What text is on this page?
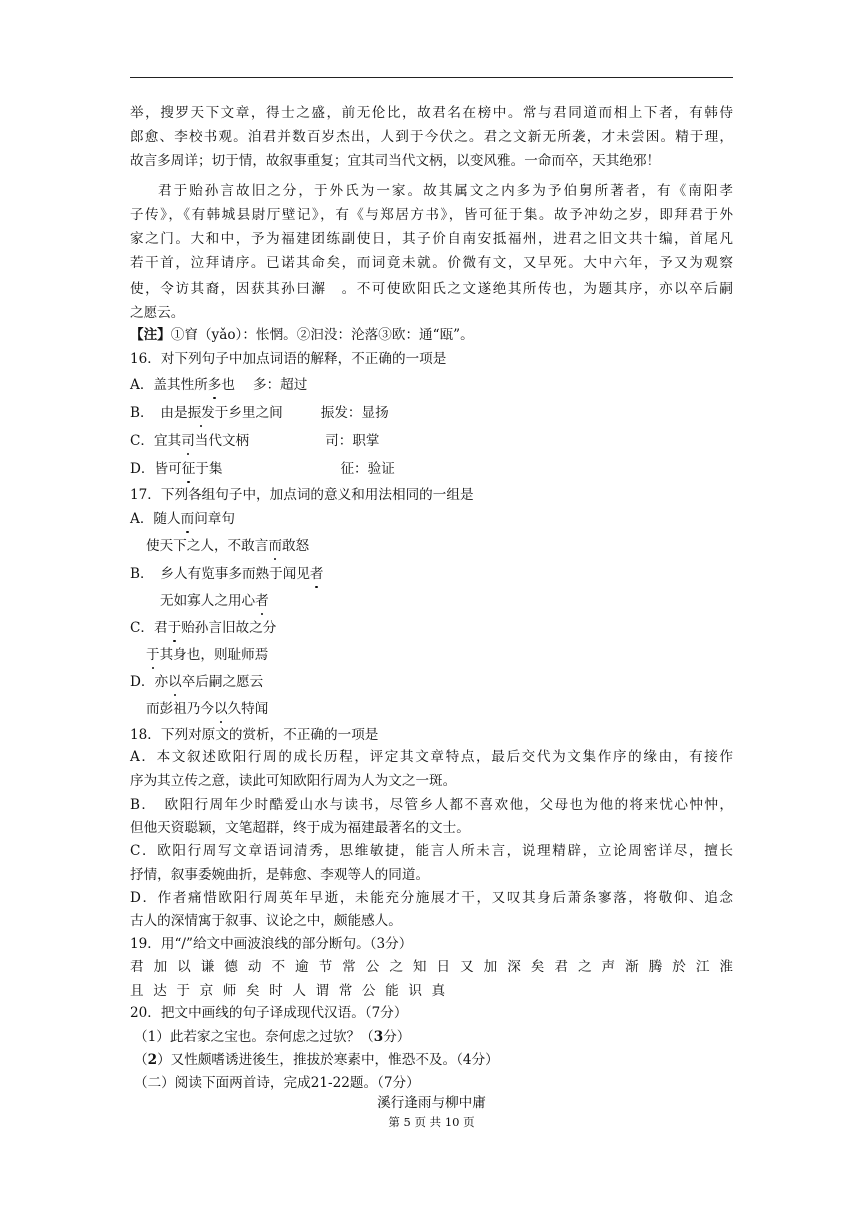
举，搜罗天下文章，得士之盛，前无伦比，故君名在榜中。常与君同道而相上下者，有韩侍
郎愈、李校书观。洎君并数百岁杰出，人到于今伏之。君之文新无所袭，才未尝困。精于理，
故言多周详；切于情，故叙事重复；宜其司当代文柄，以变风雅。一命而卒，天其绝邪！
君于贻孙言故旧之分，于外氏为一家。故其属文之内多为予伯舅所著者，有《南阳孝
子传》，《有韩城县尉厅壁记》，有《与郑居方书》，皆可征于集。故予冲幼之岁，即拜君于外
家之门。大和中，予为福建团练副使日，其子价自南安抵福州，进君之旧文共十编，首尾凡
若干首，泣拜请序。已诺其命矣，而词竟未就。价微有文，又早死。大中六年，予又为观察
使，令访其裔，因获其孙曰澥　。不可使欧阳氏之文遂绝其所传也，为题其序，亦以卒后嗣
之愿云。
【注】①窅（yǎo）：怅惘。②汩没：沦落③欧：通“瓯”。
16．对下列句子中加点词语的解释，不正确的一项是
A．盖其性所多也 多：超过
B．　由是振发于乡里之间	振发：显扬
C．宜其司当代文柄	司：职掌
D．皆可征于集	征：验证
17．下列各组句子中，加点词的意义和用法相同的一组是
A．随人而问章句
使天下之人，不敢言而敢怒
B．　乡人有览事多而熟于闻见者
无如寡人之用心者
C．君于贻孙言旧故之分
于其身也，则耻师焉
D．亦以卒后嗣之愿云
而彭祖乃今以久特闻
18．下列对原文的赏析，不正确的一项是
A．本文叙述欧阳行周的成长历程，评定其文章特点，最后交代为文集作序的缘由，有接作
序为其立传之意，读此可知欧阳行周为人为文之一斑。
B．　欧阳行周年少时酷爱山水与读书，尽管乡人都不喜欢他，父母也为他的将来忧心忡忡，
但他天资聪颖，文笔超群，终于成为福建最著名的文士。
C．欧阳行周写文章语词清秀，思维敏捷，能言人所未言，说理精辟，立论周密详尽，擅长
抒情，叙事委婉曲折，是韩愈、李观等人的同道。
D．作者痛惜欧阳行周英年早逝，未能充分施展才干，又叹其身后萧条寥落，将敬仰、追念
古人的深情寓于叙事、议论之中，颇能感人。
19．用“/”给文中画波浪线的部分断句。（3分）
君加以谦德动不逾节常公之知日又加深矣君之声渐腾於江淮
且达于京师矣时人谓常公能识真
20．把文中画线的句子译成现代汉语。（7分）
（1）此若家之宝也。奈何虑之过欤？（3分）
（2）又性颇嗜诱进後生，推拔於寒素中，惟恐不及。（4分）
（二）阅读下面两首诗，完成21-22题。（7分）
溪行逢雨与柳中庸
第 5 页 共 10 页
